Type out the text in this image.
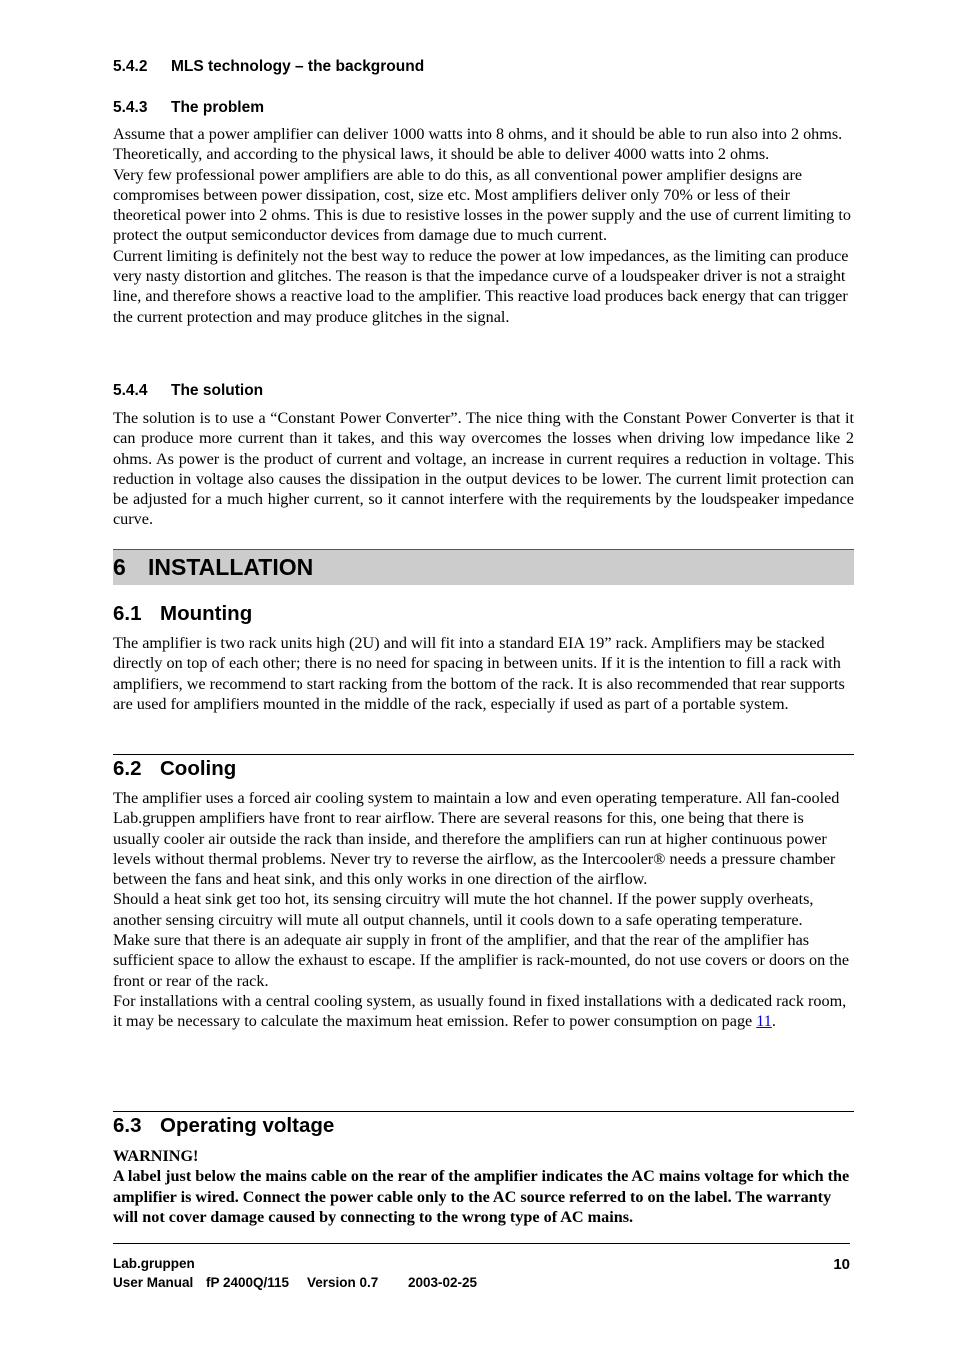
5.4.2	MLS technology – the background
5.4.3	The problem

Assume that a power amplifier can deliver 1000 watts into 8 ohms, and it should be able to run also into 2 ohms. Theoretically, and according to the physical laws, it should be able to deliver 4000 watts into 2 ohms.

Very few professional power amplifiers are able to do this, as all conventional power amplifier designs are compromises between power dissipation, cost, size etc. Most amplifiers deliver only 70% or less of their theoretical power into 2 ohms. This is due to resistive losses in the power supply and the use of current limiting to protect the output semiconductor devices from damage due to much current.

Current limiting is definitely not the best way to reduce the power at low impedances, as the limiting can produce very nasty distortion and glitches. The reason is that the impedance curve of a loudspeaker driver is not a straight line, and therefore shows a reactive load to the amplifier. This reactive load produces back energy that can trigger the current protection and may produce glitches in the signal.

5.4.4	The solution

The solution is to use a “Constant Power Converter”. The nice thing with the Constant Power Converter is that it can produce more current than it takes, and this way overcomes the losses when driving low impedance like 2 ohms. As power is the product of current and voltage, an increase in current requires a reduction in voltage. This reduction in voltage also causes the dissipation in the output devices to be lower. The current limit protection can be adjusted for a much higher current, so it cannot interfere with the requirements by the loudspeaker impedance curve.

6 INSTALLATION
6.1 Mounting

The amplifier is two rack units high (2U) and will fit into a standard EIA 19” rack. Amplifiers may be stacked directly on top of each other; there is no need for spacing in between units. If it is the intention to fill a rack with amplifiers, we recommend to start racking from the bottom of the rack. It is also recommended that rear supports are used for amplifiers mounted in the middle of the rack, especially if used as part of a portable system.

6.2 Cooling

The amplifier uses a forced air cooling system to maintain a low and even operating temperature. All fan-cooled Lab.gruppen amplifiers have front to rear airflow. There are several reasons for this, one being that there is usually cooler air outside the rack than inside, and therefore the amplifiers can run at higher continuous power levels without thermal problems. Never try to reverse the airflow, as the Intercooler® needs a pressure chamber between the fans and heat sink, and this only works in one direction of the airflow.

Should a heat sink get too hot, its sensing circuitry will mute the hot channel. If the power supply overheats, another sensing circuitry will mute all output channels, until it cools down to a safe operating temperature.

Make sure that there is an adequate air supply in front of the amplifier, and that the rear of the amplifier has sufficient space to allow the exhaust to escape. If the amplifier is rack-mounted, do not use covers or doors on the front or rear of the rack.

For installations with a central cooling system, as usually found in fixed installations with a dedicated rack room, it may be necessary to calculate the maximum heat emission. Refer to power consumption on page 11.

6.3 Operating voltage

WARNING!

A label just below the mains cable on the rear of the amplifier indicates the AC mains voltage for which the amplifier is wired. Connect the power cable only to the AC source referred to on the label. The warranty will not cover damage caused by connecting to the wrong type of AC mains.

Lab.gruppen	10
User Manual fP 2400Q/115	Version 0.7	2003-02-25
